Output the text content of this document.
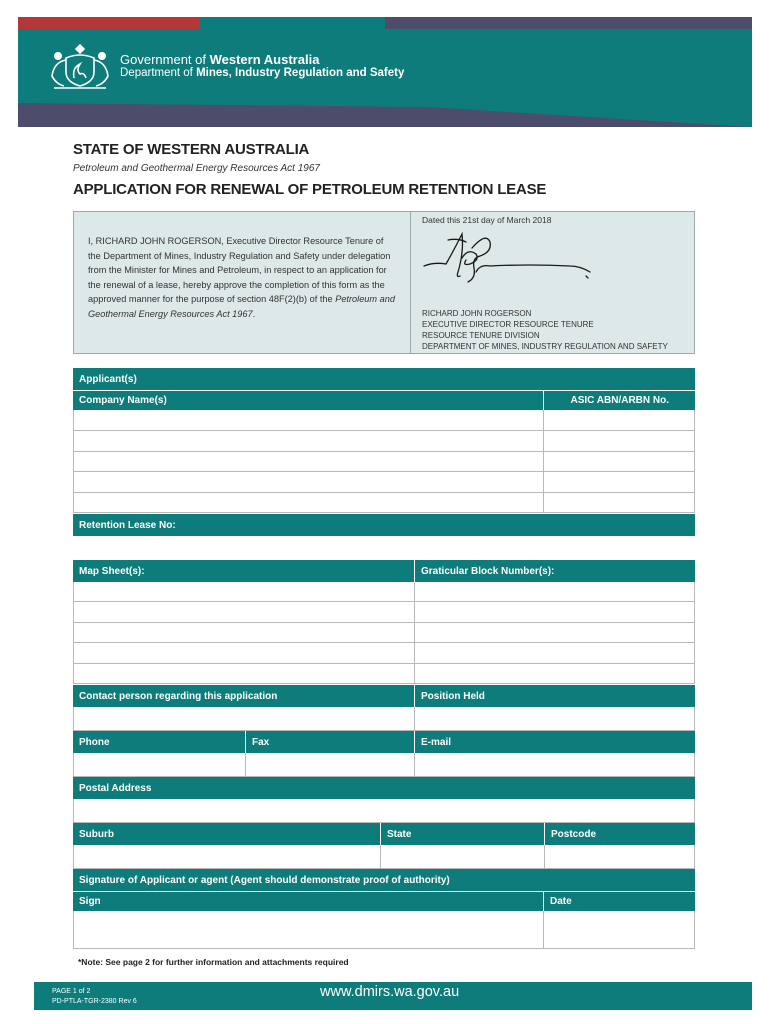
Government of Western Australia
Department of Mines, Industry Regulation and Safety
STATE OF WESTERN AUSTRALIA
Petroleum and Geothermal Energy Resources Act 1967
APPLICATION FOR RENEWAL OF PETROLEUM RETENTION LEASE
I, RICHARD JOHN ROGERSON, Executive Director Resource Tenure of the Department of Mines, Industry Regulation and Safety under delegation from the Minister for Mines and Petroleum, in respect to an application for the renewal of a lease, hereby approve the completion of this form as the approved manner for the purpose of section 48F(2)(b) of the Petroleum and Geothermal Energy Resources Act 1967.
Dated this 21st day of March 2018
RICHARD JOHN ROGERSON
EXECUTIVE DIRECTOR RESOURCE TENURE
RESOURCE TENURE DIVISION
DEPARTMENT OF MINES, INDUSTRY REGULATION AND SAFETY
Applicant(s)
Company Name(s)	ASIC ABN/ARBN No.
Retention Lease No:
Map Sheet(s):	Graticular Block Number(s):
Contact person regarding this application	Position Held
Phone	Fax	E-mail
Postal Address
Suburb	State	Postcode
Signature of Applicant or agent (Agent should demonstrate proof of authority)
Sign	Date
*Note: See page 2 for further information and attachments required
PAGE 1 of 2
PD-PTLA-TGR-2380 Rev 6
www.dmirs.wa.gov.au
